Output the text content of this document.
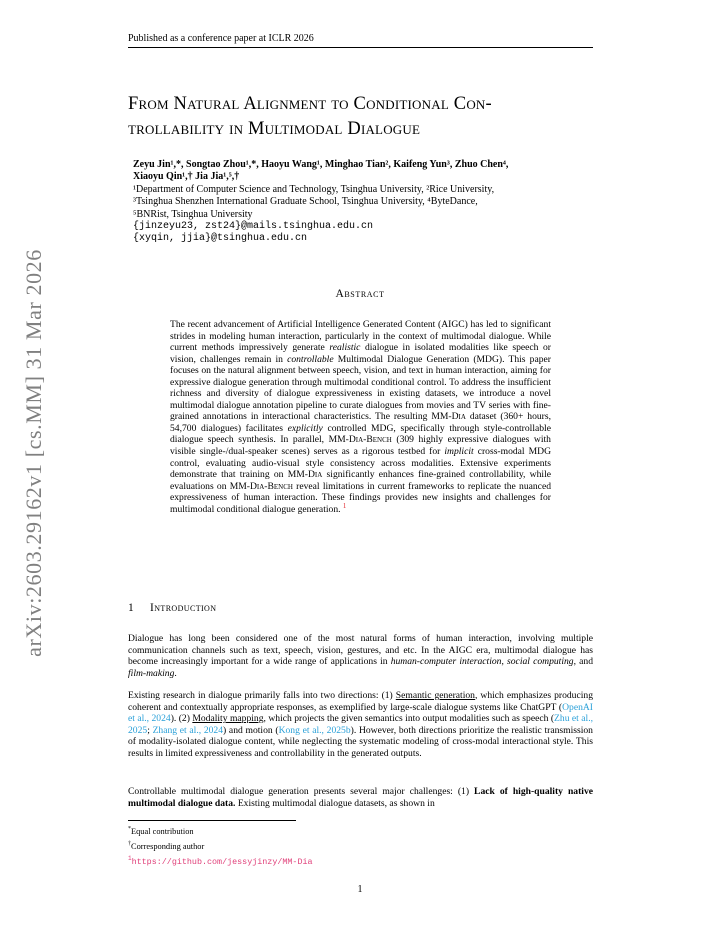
arXiv:2603.29162v1 [cs.MM] 31 Mar 2026
Published as a conference paper at ICLR 2026
From Natural Alignment to Conditional Con-
trollability in Multimodal Dialogue
Zeyu Jin¹,*, Songtao Zhou¹,*, Haoyu Wang¹, Minghao Tian², Kaifeng Yun³, Zhuo Chen⁴,
Xiaoyu Qin¹,† Jia Jia¹,⁵,†
¹Department of Computer Science and Technology, Tsinghua University, ²Rice University,
³Tsinghua Shenzhen International Graduate School, Tsinghua University, ⁴ByteDance,
⁵BNRist, Tsinghua University
{jinzeyu23, zst24}@mails.tsinghua.edu.cn
{xyqin, jjia}@tsinghua.edu.cn
Abstract
The recent advancement of Artificial Intelligence Generated Content (AIGC) has led to significant strides in modeling human interaction, particularly in the context of multimodal dialogue. While current methods impressively generate realistic dialogue in isolated modalities like speech or vision, challenges remain in controllable Multimodal Dialogue Generation (MDG). This paper focuses on the natural alignment between speech, vision, and text in human interaction, aiming for expressive dialogue generation through multimodal conditional control. To address the insufficient richness and diversity of dialogue expressiveness in existing datasets, we introduce a novel multimodal dialogue annotation pipeline to curate dialogues from movies and TV series with fine-grained annotations in interactional characteristics. The resulting MM-Dia dataset (360+ hours, 54,700 dialogues) facilitates explicitly controlled MDG, specifically through style-controllable dialogue speech synthesis. In parallel, MM-Dia-Bench (309 highly expressive dialogues with visible single-/dual-speaker scenes) serves as a rigorous testbed for implicit cross-modal MDG control, evaluating audio-visual style consistency across modalities. Extensive experiments demonstrate that training on MM-Dia significantly enhances fine-grained controllability, while evaluations on MM-Dia-Bench reveal limitations in current frameworks to replicate the nuanced expressiveness of human interaction. These findings provides new insights and challenges for multimodal conditional dialogue generation. $^1$
1 Introduction
Dialogue has long been considered one of the most natural forms of human interaction, involving multiple communication channels such as text, speech, vision, gestures, and etc. In the AIGC era, multimodal dialogue has become increasingly important for a wide range of applications in human-computer interaction, social computing, and film-making.
Existing research in dialogue primarily falls into two directions: (1) Semantic generation, which emphasizes producing coherent and contextually appropriate responses, as exemplified by large-scale dialogue systems like ChatGPT (OpenAI et al., 2024). (2) Modality mapping, which projects the given semantics into output modalities such as speech (Zhu et al., 2025; Zhang et al., 2024) and motion (Kong et al., 2025b). However, both directions prioritize the realistic transmission of modality-isolated dialogue content, while neglecting the systematic modeling of cross-modal interactional style. This results in limited expressiveness and controllability in the generated outputs.
Controllable multimodal dialogue generation presents several major challenges: (1) Lack of high-quality native multimodal dialogue data. Existing multimodal dialogue datasets, as shown in
*Equal contribution
†Corresponding author
$^1$https://github.com/jessyjinzy/MM-Dia
1
